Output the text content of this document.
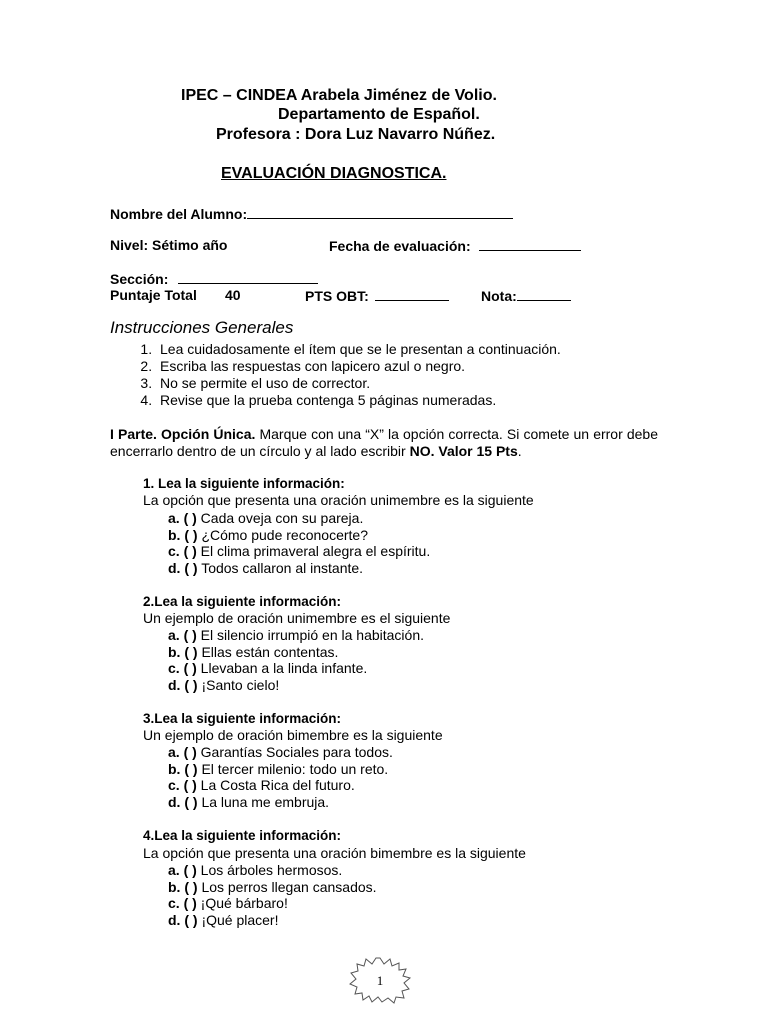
IPEC – CINDEA Arabela Jiménez de Volio.
Departamento de Español.
Profesora : Dora Luz Navarro Núñez.
EVALUACIÓN DIAGNOSTICA.
Nombre del Alumno:
Nivel: Sétimo año	Fecha de evaluación:
Sección:
Puntaje Total 40	PTS OBT:	Nota:
Instrucciones Generales
1. Lea cuidadosamente el ítem que se le presentan a continuación.
2. Escriba las respuestas con lapicero azul o negro.
3. No se permite el uso de corrector.
4. Revise que la prueba contenga 5 páginas numeradas.
I Parte. Opción Única. Marque con una “X” la opción correcta. Si comete un error debe encerrarlo dentro de un círculo y al lado escribir NO. Valor 15 Pts.
1. Lea la siguiente información:
La opción que presenta una oración unimembre es la siguiente
a. ( ) Cada oveja con su pareja.
b. ( ) ¿Cómo pude reconocerte?
c. ( ) El clima primaveral alegra el espíritu.
d. ( ) Todos callaron al instante.
2.Lea la siguiente información:
Un ejemplo de oración unimembre es el siguiente
a. ( ) El silencio irrumpió en la habitación.
b. ( ) Ellas están contentas.
c. ( ) Llevaban a la linda infante.
d. ( ) ¡Santo cielo!
3.Lea la siguiente información:
Un ejemplo de oración bimembre es la siguiente
a. ( ) Garantías Sociales para todos.
b. ( ) El tercer milenio: todo un reto.
c. ( ) La Costa Rica del futuro.
d. ( ) La luna me embruja.
4.Lea la siguiente información:
La opción que presenta una oración bimembre es la siguiente
a. ( ) Los árboles hermosos.
b. ( ) Los perros llegan cansados.
c. ( ) ¡Qué bárbaro!
d. ( ) ¡Qué placer!
1
